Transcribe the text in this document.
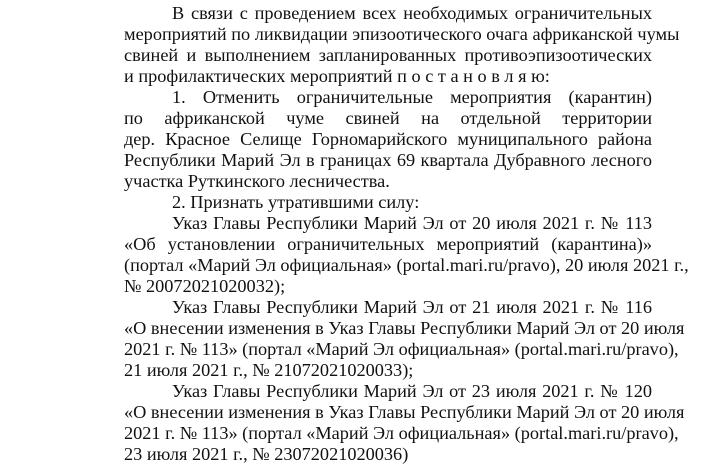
В связи с проведением всех необходимых ограничительных
мероприятий по ликвидации эпизоотического очага африканской чумы
свиней и выполнением запланированных противоэпизоотических
и профилактических мероприятий п о с т а н о в л я ю:
1. Отменить ограничительные мероприятия (карантин)
по африканской чуме свиней на отдельной территории
дер. Красное Селище Горномарийского муниципального района
Республики Марий Эл в границах 69 квартала Дубравного лесного
участка Руткинского лесничества.
2. Признать утратившими силу:
Указ Главы Республики Марий Эл от 20 июля 2021 г. № 113
«Об установлении ограничительных мероприятий (карантина)»
(портал «Марий Эл официальная» (portal.mari.ru/pravo), 20 июля 2021 г.,
№ 20072021020032);
Указ Главы Республики Марий Эл от 21 июля 2021 г. № 116
«О внесении изменения в Указ Главы Республики Марий Эл от 20 июля
2021 г. № 113» (портал «Марий Эл официальная» (portal.mari.ru/pravo),
21 июля 2021 г., № 21072021020033);
Указ Главы Республики Марий Эл от 23 июля 2021 г. № 120
«О внесении изменения в Указ Главы Республики Марий Эл от 20 июля
2021 г. № 113» (портал «Марий Эл официальная» (portal.mari.ru/pravo),
23 июля 2021 г., № 23072021020036)
